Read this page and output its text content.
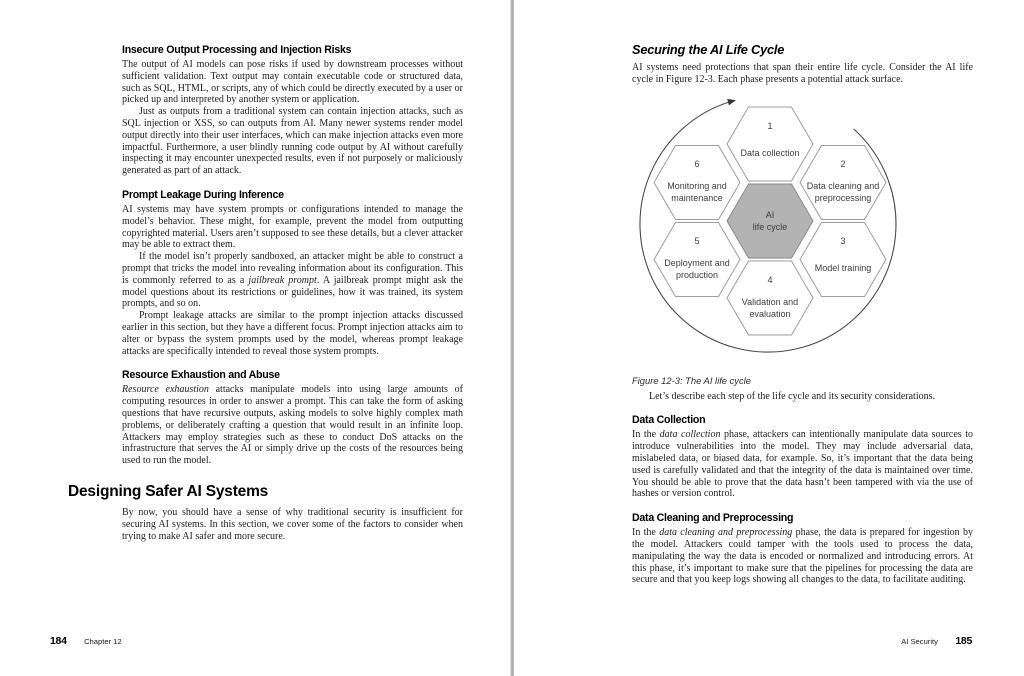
Insecure Output Processing and Injection Risks

The output of AI models can pose risks if used by downstream processes without sufficient validation. Text output may contain executable code or structured data, such as SQL, HTML, or scripts, any of which could be directly executed by a user or picked up and interpreted by another system or application.

Just as outputs from a traditional system can contain injection attacks, such as SQL injection or XSS, so can outputs from AI. Many newer systems render model output directly into their user interfaces, which can make injection attacks even more impactful. Furthermore, a user blindly running code output by AI without carefully inspecting it may encounter unexpected results, even if not purposely or maliciously generated as part of an attack.

Prompt Leakage During Inference

AI systems may have system prompts or configurations intended to manage the model’s behavior. These might, for example, prevent the model from outputting copyrighted material. Users aren’t supposed to see these details, but a clever attacker may be able to extract them.

If the model isn’t properly sandboxed, an attacker might be able to construct a prompt that tricks the model into revealing information about its configuration. This is commonly referred to as a jailbreak prompt. A jailbreak prompt might ask the model questions about its restrictions or guidelines, how it was trained, its system prompts, and so on.

Prompt leakage attacks are similar to the prompt injection attacks discussed earlier in this section, but they have a different focus. Prompt injection attacks aim to alter or bypass the system prompts used by the model, whereas prompt leakage attacks are specifically intended to reveal those system prompts.

Resource Exhaustion and Abuse

Resource exhaustion attacks manipulate models into using large amounts of computing resources in order to answer a prompt. This can take the form of asking questions that have recursive outputs, asking models to solve highly complex math problems, or deliberately crafting a question that would result in an infinite loop. Attackers may employ strategies such as these to conduct DoS attacks on the infrastructure that serves the AI or simply drive up the costs of the resources being used to run the model.

Designing Safer AI Systems

By now, you should have a sense of why traditional security is insufficient for securing AI systems. In this section, we cover some of the factors to consider when trying to make AI safer and more secure.

184 Chapter 12
Securing the AI Life Cycle

AI systems need protections that span their entire life cycle. Consider the AI life cycle in Figure 12-3. Each phase presents a potential attack surface.

1
Data collection
2
Data cleaning and
preprocessing
3
Model training
4
Validation and
evaluation
5
Deployment and
production
6
Monitoring and
maintenance
AI
life cycle

Figure 12-3: The AI life cycle

Let’s describe each step of the life cycle and its security considerations.

Data Collection

In the data collection phase, attackers can intentionally manipulate data sources to introduce vulnerabilities into the model. They may include adversarial data, mislabeled data, or biased data, for example. So, it’s important that the data being used is carefully validated and that the integrity of the data is maintained over time. You should be able to prove that the data hasn’t been tampered with via the use of hashes or version control.

Data Cleaning and Preprocessing

In the data cleaning and preprocessing phase, the data is prepared for ingestion by the model. Attackers could tamper with the tools used to process the data, manipulating the way the data is encoded or normalized and introducing errors. At this phase, it’s important to make sure that the pipelines for processing the data are secure and that you keep logs showing all changes to the data, to facilitate auditing.

AI Security 185
